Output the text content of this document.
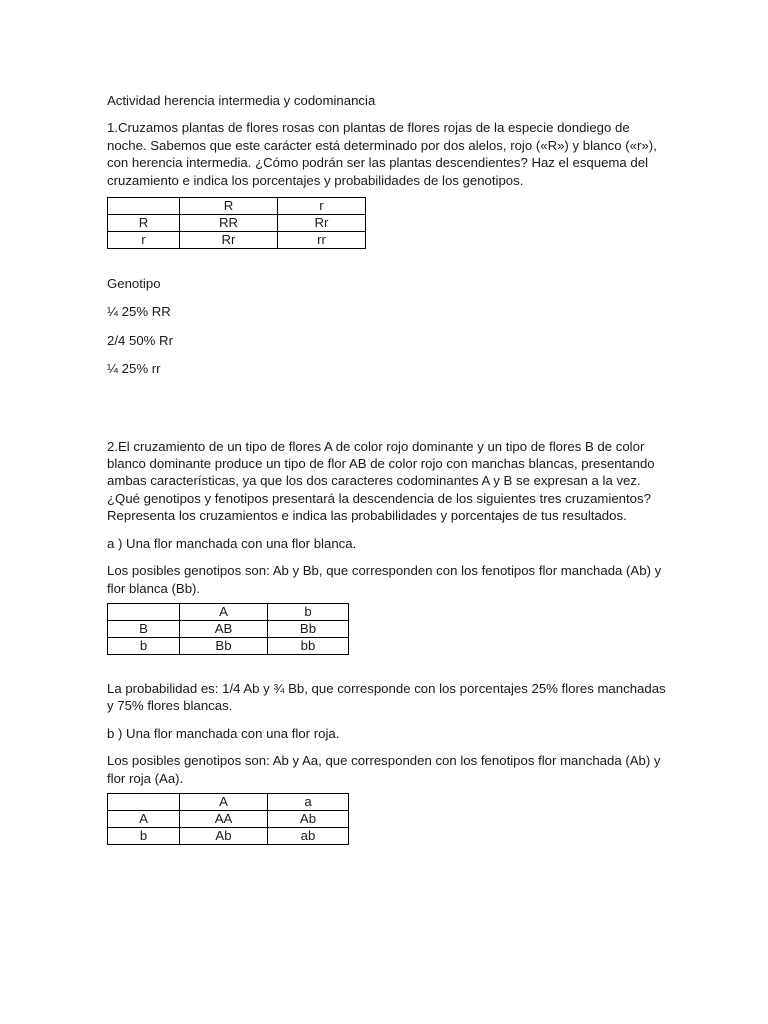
Actividad herencia intermedia y codominancia

1.Cruzamos plantas de flores rosas con plantas de flores rojas de la especie dondiego de noche. Sabemos que este carácter está determinado por dos alelos, rojo («R») y blanco («r»), con herencia intermedia. ¿Cómo podrán ser las plantas descendientes? Haz el esquema del cruzamiento e indica los porcentajes y probabilidades de los genotipos.

	R	r
R	RR	Rr
r	Rr	rr
Genotipo
¼ 25% RR
2/4 50% Rr
¼ 25% rr

2.El cruzamiento de un tipo de flores A de color rojo dominante y un tipo de flores B de color blanco dominante produce un tipo de flor AB de color rojo con manchas blancas, presentando ambas características, ya que los dos caracteres codominantes A y B se expresan a la vez. ¿Qué genotipos y fenotipos presentará la descendencia de los siguientes tres cruzamientos? Representa los cruzamientos e indica las probabilidades y porcentajes de tus resultados.

a ) Una flor manchada con una flor blanca.

Los posibles genotipos son: Ab y Bb, que corresponden con los fenotipos flor manchada (Ab) y flor blanca (Bb).

	A	b
B	AB	Bb
b	Bb	bb

La probabilidad es: 1/4 Ab y ¾ Bb, que corresponde con los porcentajes 25% flores manchadas y 75% flores blancas.

b ) Una flor manchada con una flor roja.

Los posibles genotipos son: Ab y Aa, que corresponden con los fenotipos flor manchada (Ab) y flor roja (Aa).

	A	a
A	AA	Ab
b	Ab	ab
